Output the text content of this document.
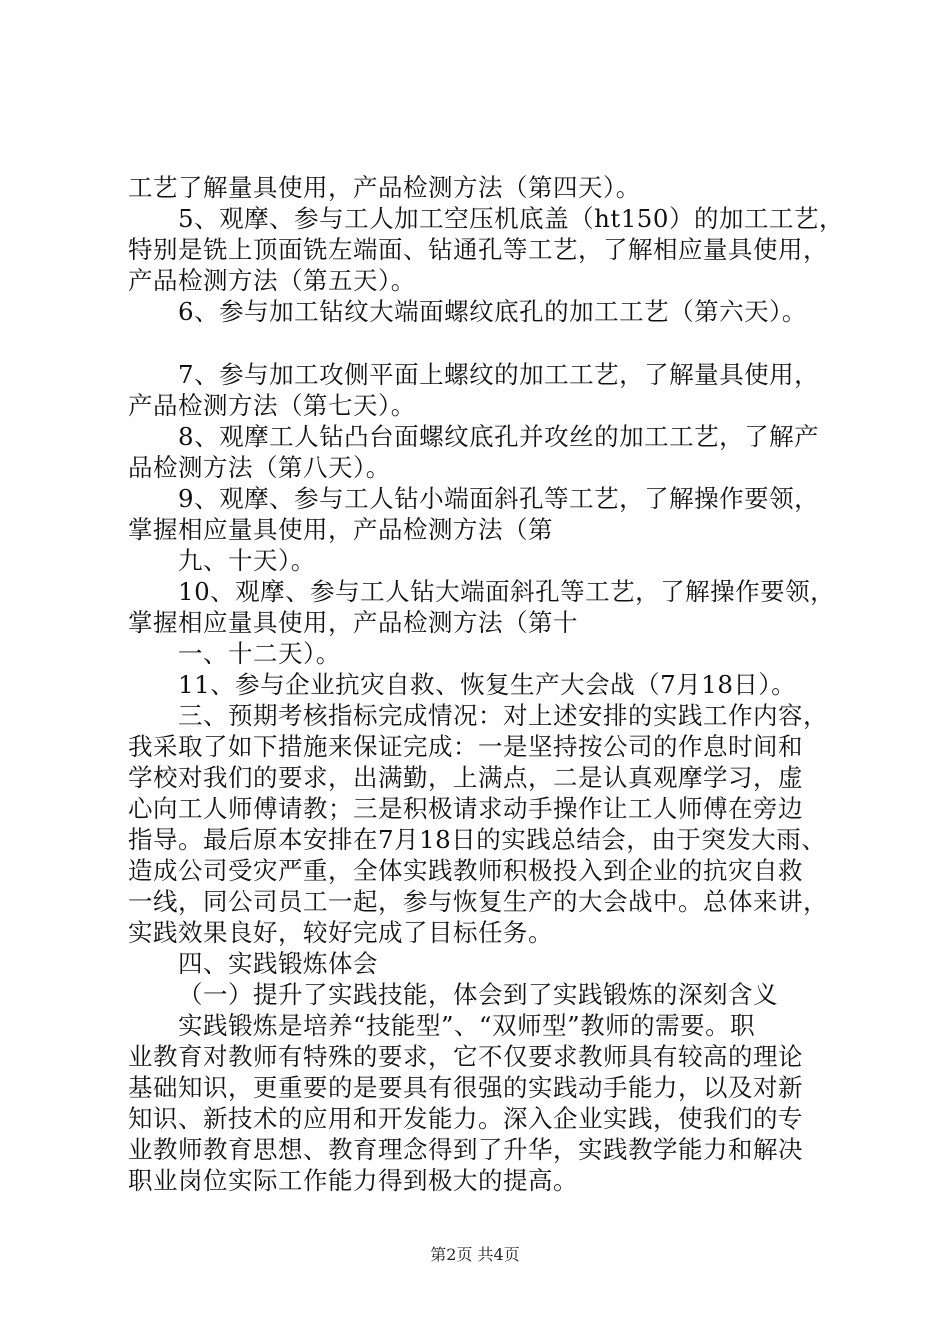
工艺了解量具使用，产品检测方法（第四天）。
5、观摩、参与工人加工空压机底盖（ht150）的加工工艺，
特别是铣上顶面铣左端面、钻通孔等工艺，了解相应量具使用，
产品检测方法（第五天）。
6、参与加工钻纹大端面螺纹底孔的加工工艺（第六天）。
7、参与加工攻侧平面上螺纹的加工工艺，了解量具使用，
产品检测方法（第七天）。
8、观摩工人钻凸台面螺纹底孔并攻丝的加工工艺，了解产
品检测方法（第八天）。
9、观摩、参与工人钻小端面斜孔等工艺，了解操作要领，
掌握相应量具使用，产品检测方法（第
九、十天）。
10、观摩、参与工人钻大端面斜孔等工艺，了解操作要领，
掌握相应量具使用，产品检测方法（第十
一、十二天）。
11、参与企业抗灾自救、恢复生产大会战（7月18日）。
三、预期考核指标完成情况：对上述安排的实践工作内容，
我采取了如下措施来保证完成：一是坚持按公司的作息时间和
学校对我们的要求，出满勤，上满点，二是认真观摩学习，虚
心向工人师傅请教；三是积极请求动手操作让工人师傅在旁边
指导。最后原本安排在7月18日的实践总结会，由于突发大雨、
造成公司受灾严重，全体实践教师积极投入到企业的抗灾自救
一线，同公司员工一起，参与恢复生产的大会战中。总体来讲，
实践效果良好，较好完成了目标任务。
四、实践锻炼体会
（一）提升了实践技能，体会到了实践锻炼的深刻含义
实践锻炼是培养“技能型”、“双师型”教师的需要。职
业教育对教师有特殊的要求，它不仅要求教师具有较高的理论
基础知识，更重要的是要具有很强的实践动手能力，以及对新
知识、新技术的应用和开发能力。深入企业实践，使我们的专
业教师教育思想、教育理念得到了升华，实践教学能力和解决
职业岗位实际工作能力得到极大的提高。
第2页 共4页
